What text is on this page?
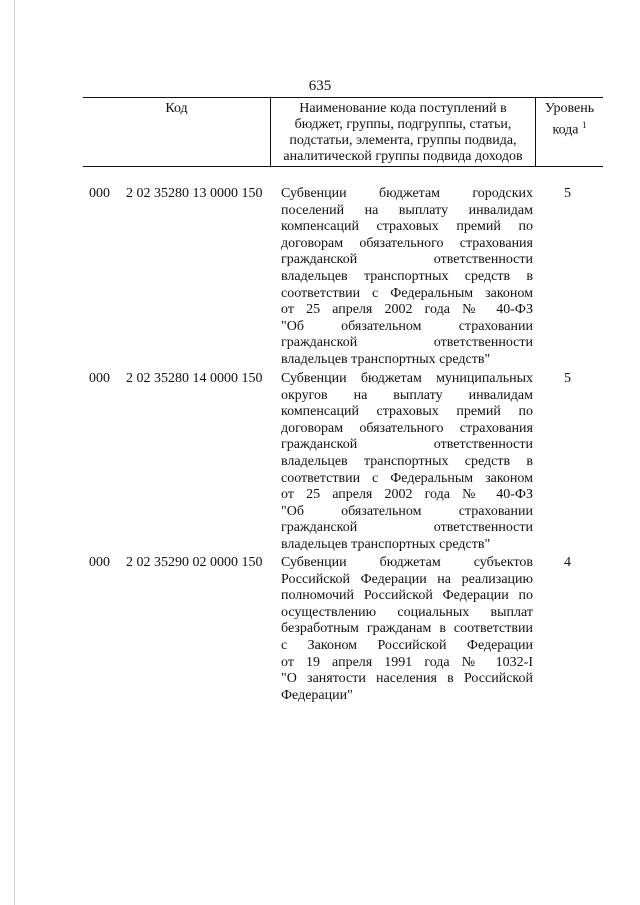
635
Код	Наименование кода поступлений в
бюджет, группы, подгруппы, статьи,
подстатьи, элемента, группы подвида,
аналитической группы подвида доходов
Уровень
кода $^1$
000 2 02 35280 13 0000 150 Субвенции бюджетам городских
поселений на выплату инвалидам
компенсаций страховых премий по
договорам обязательного страхования
гражданской ответственности
владельцев транспортных средств в
соответствии с Федеральным законом
от 25 апреля 2002 года № 40-ФЗ
"Об обязательном страховании
гражданской ответственности
владельцев транспортных средств"
5
000 2 02 35280 14 0000 150 Субвенции бюджетам муниципальных
округов на выплату инвалидам
компенсаций страховых премий по
договорам обязательного страхования
гражданской ответственности
владельцев транспортных средств в
соответствии с Федеральным законом
от 25 апреля 2002 года № 40-ФЗ
"Об обязательном страховании
гражданской ответственности
владельцев транспортных средств"
5
000 2 02 35290 02 0000 150 Субвенции бюджетам субъектов
Российской Федерации на реализацию
полномочий Российской Федерации по
осуществлению социальных выплат
безработным гражданам в соответствии
с Законом Российской Федерации
от 19 апреля 1991 года № 1032-I
"О занятости населения в Российской
Федерации"
4
